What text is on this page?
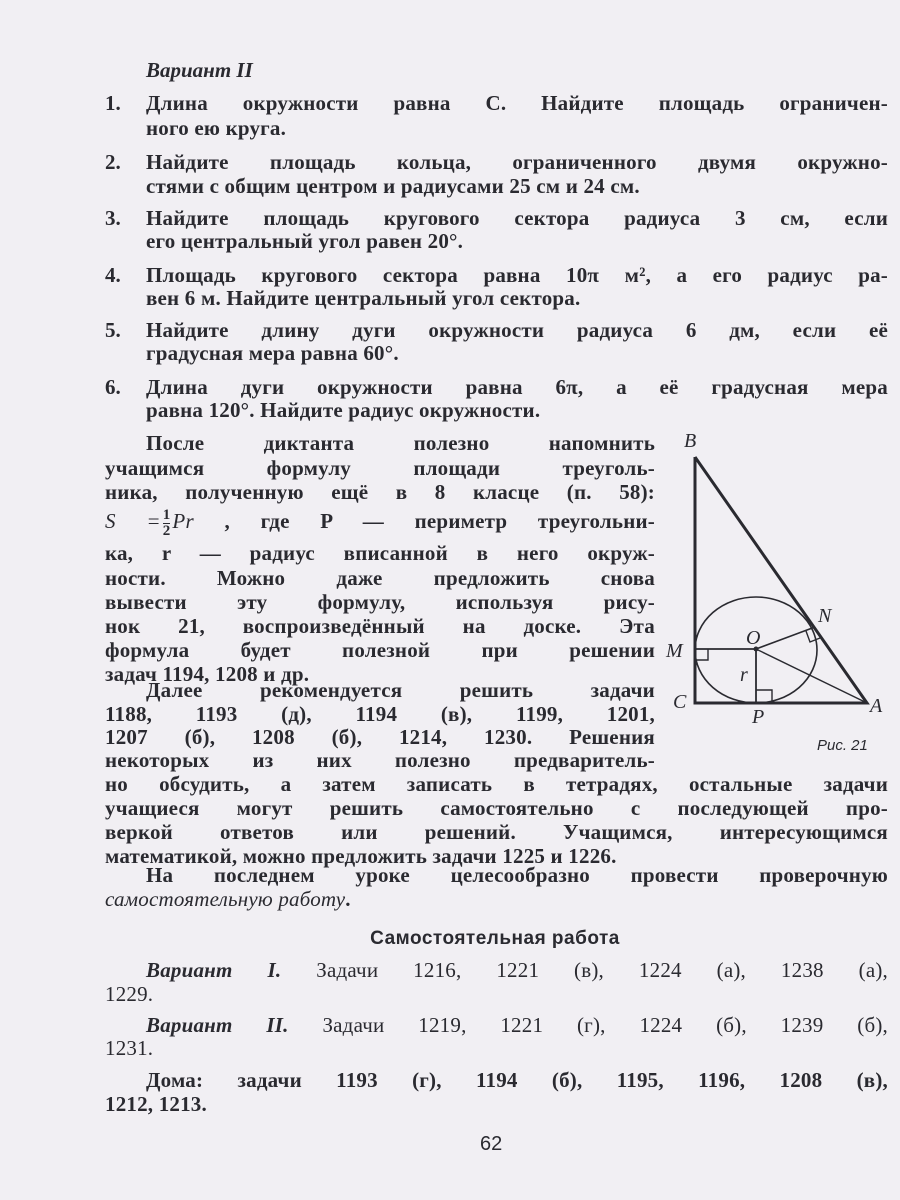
Вариант II
1. Длина окружности равна C. Найдите площадь ограничен-
ного ею круга.
2. Найдите площадь кольца, ограниченного двумя окружно-
стями с общим центром и радиусами 25 см и 24 см.
3. Найдите площадь кругового сектора радиуса 3 см, если
его центральный угол равен 20°.
4. Площадь кругового сектора равна 10π м², а его радиус ра-
вен 6 м. Найдите центральный угол сектора.
5. Найдите длину дуги окружности радиуса 6 дм, если её
градусная мера равна 60°.
6. Длина дуги окружности равна 6π, а её градусная мера
равна 120°. Найдите радиус окружности.
После диктанта полезно напомнить
учащимся формулу площади треуголь-
ника, полученную ещё в 8 класце (п. 58):
ка, r — радиус вписанной в него окруж-
ности. Можно даже предложить снова
вывести эту формулу, используя рису-
нок 21, воспроизведённый на доске. Эта
формула будет полезной при решении
задач 1194, 1208 и др.
Далее рекомендуется решить задачи
1188, 1193 (д), 1194 (в), 1199, 1201,
1207 (б), 1208 (б), 1214, 1230. Решения
некоторых из них полезно предваритель-
но обсудить, а затем записать в тетрадях, остальные задачи
учащиеся могут решить самостоятельно с последующей про-
веркой ответов или решений. Учащимся, интересующимся
математикой, можно предложить задачи 1225 и 1226.
На последнем уроке целесообразно провести проверочную
$S = \frac{1}{2}$ Pr , где P — периметр треугольни-
самостоятельную работу.
B
N
O
M
r
C
P	A
Рис. 21
Самостоятельная работа
Вариант I. Задачи 1216, 1221 (в), 1224 (а), 1238 (а),
1229.
Вариант II. Задачи 1219, 1221 (г), 1224 (б), 1239 (б),
1231.
Дома: задачи 1193 (г), 1194 (б), 1195, 1196, 1208 (в),
1212, 1213.
62
